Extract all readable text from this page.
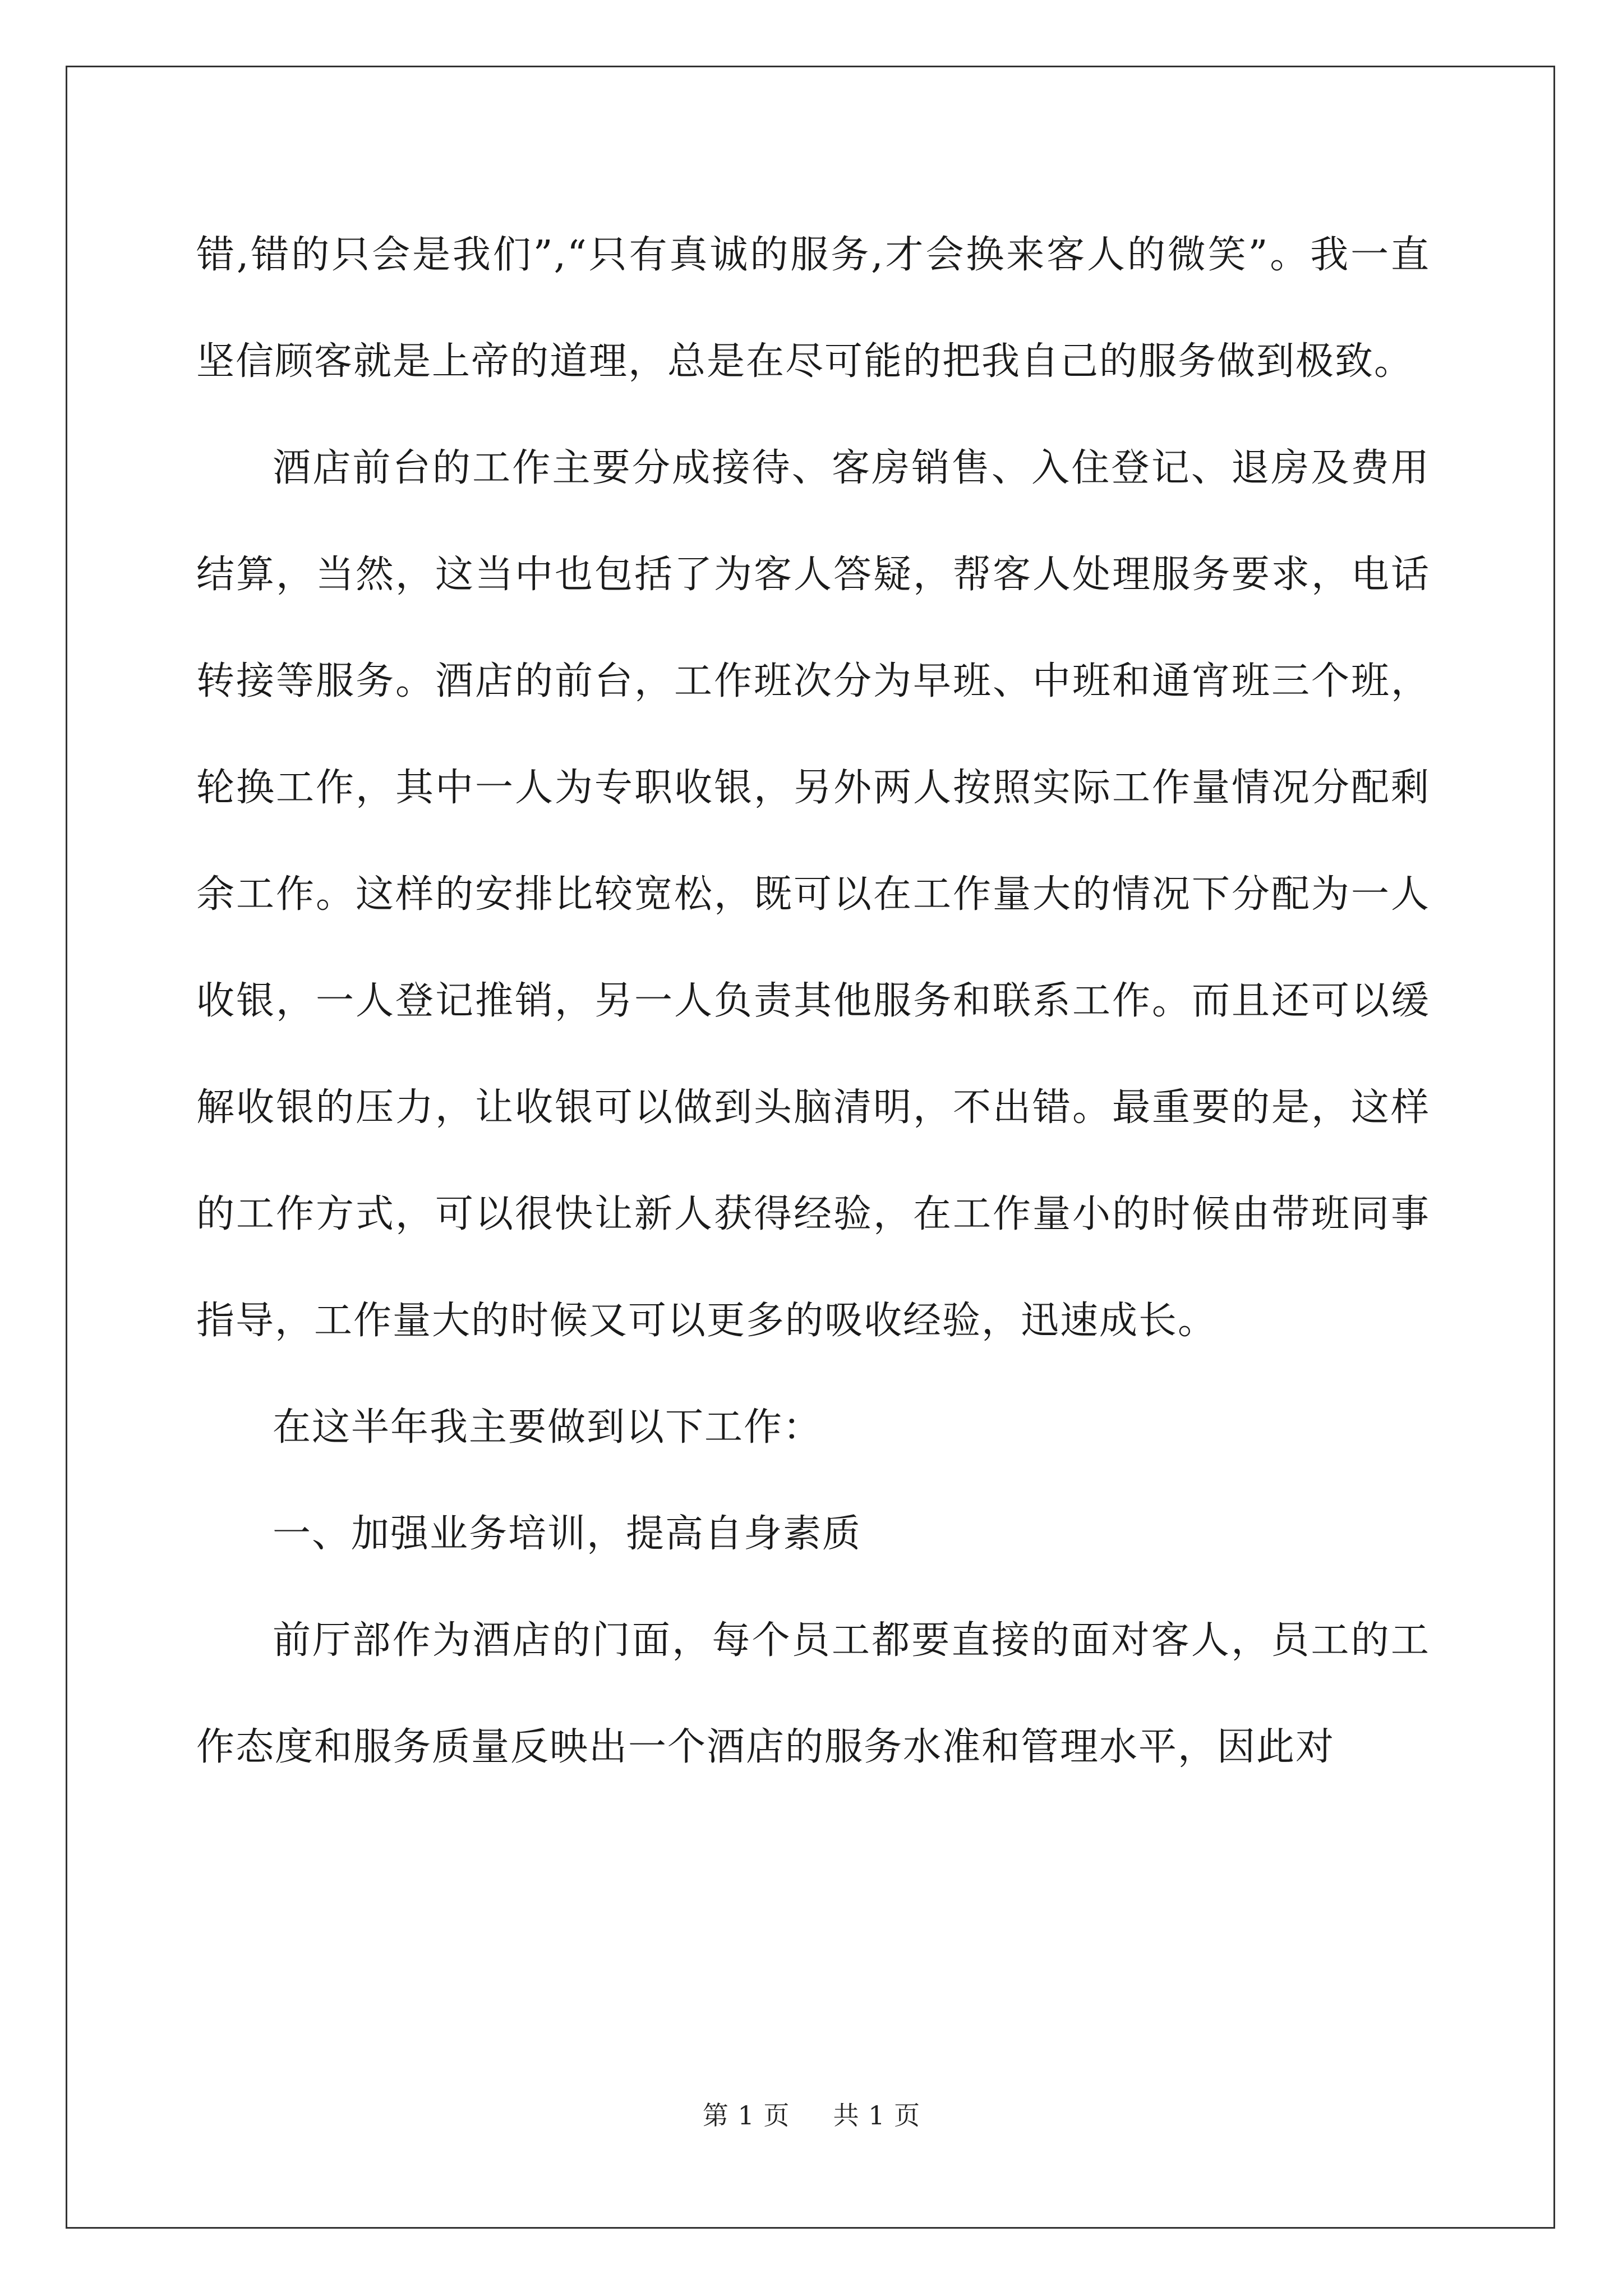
错,错的只会是我们”,“只有真诚的服务,才会换来客人的微笑”。我一直坚信顾客就是上帝的道理，总是在尽可能的把我自己的服务做到极致。

酒店前台的工作主要分成接待、客房销售、入住登记、退房及费用结算，当然，这当中也包括了为客人答疑，帮客人处理服务要求，电话转接等服务。酒店的前台，工作班次分为早班、中班和通宵班三个班，轮换工作，其中一人为专职收银，另外两人按照实际工作量情况分配剩余工作。这样的安排比较宽松，既可以在工作量大的情况下分配为一人收银，一人登记推销，另一人负责其他服务和联系工作。而且还可以缓解收银的压力，让收银可以做到头脑清明，不出错。最重要的是，这样的工作方式，可以很快让新人获得经验，在工作量小的时候由带班同事指导，工作量大的时候又可以更多的吸收经验，迅速成长。

在这半年我主要做到以下工作：

一、加强业务培训，提高自身素质

前厅部作为酒店的门面，每个员工都要直接的面对客人，员工的工作态度和服务质量反映出一个酒店的服务水准和管理水平，因此对

第 1 页 共 1 页
